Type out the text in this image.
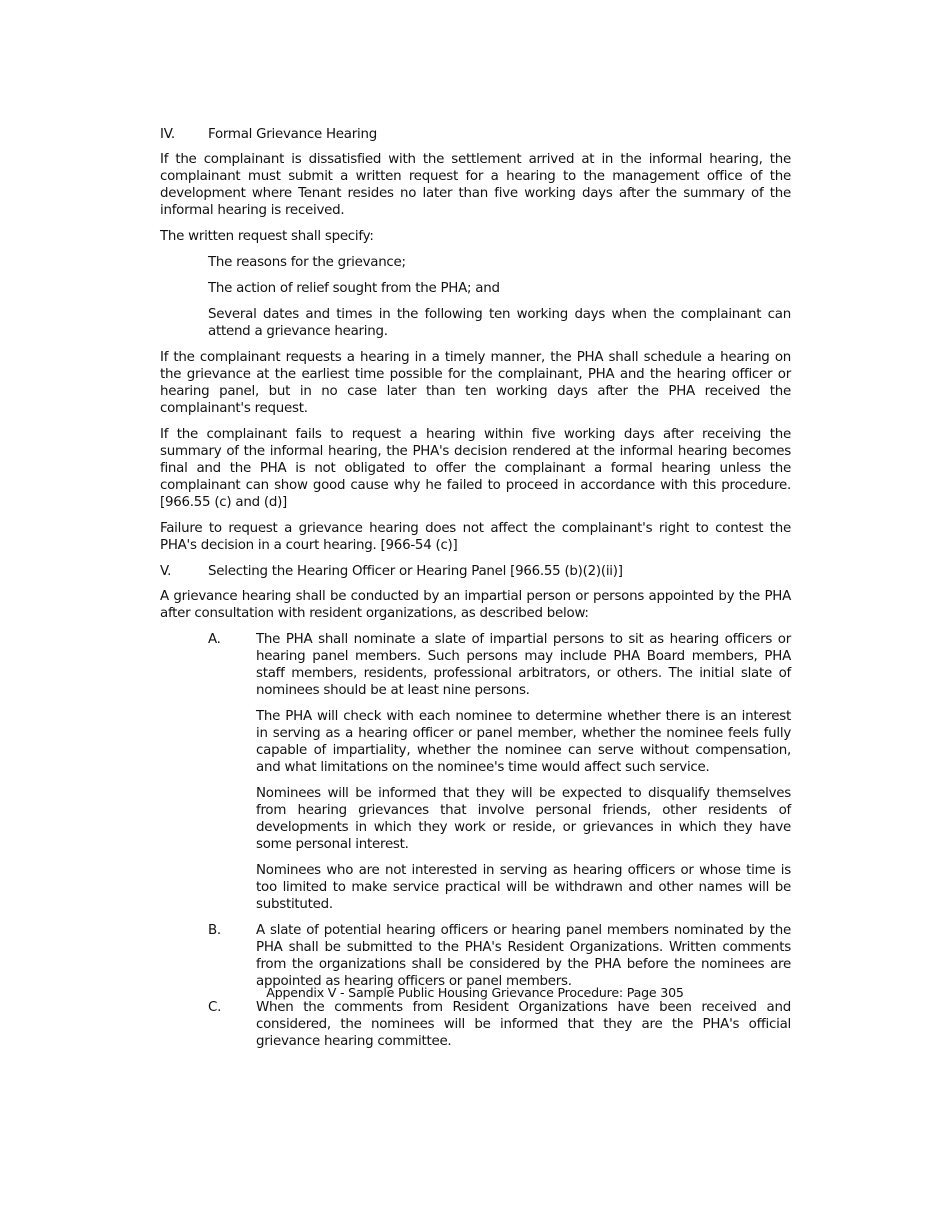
IV.	Formal Grievance Hearing

If the complainant is dissatisfied with the settlement arrived at in the informal hearing, the complainant must submit a written request for a hearing to the management office of the development where Tenant resides no later than five working days after the summary of the informal hearing is received.

The written request shall specify:

The reasons for the grievance;

The action of relief sought from the PHA; and

Several dates and times in the following ten working days when the complainant can attend a grievance hearing.

If the complainant requests a hearing in a timely manner, the PHA shall schedule a hearing on the grievance at the earliest time possible for the complainant, PHA and the hearing officer or hearing panel, but in no case later than ten working days after the PHA received the complainant's request.

If the complainant fails to request a hearing within five working days after receiving the summary of the informal hearing, the PHA's decision rendered at the informal hearing becomes final and the PHA is not obligated to offer the complainant a formal hearing unless the complainant can show good cause why he failed to proceed in accordance with this procedure. [966.55 (c) and (d)]

Failure to request a grievance hearing does not affect the complainant's right to contest the PHA's decision in a court hearing. [966-54 (c)]

V.	Selecting the Hearing Officer or Hearing Panel [966.55 (b)(2)(ii)]

A grievance hearing shall be conducted by an impartial person or persons appointed by the PHA after consultation with resident organizations, as described below:

A.	The PHA shall nominate a slate of impartial persons to sit as hearing officers or hearing panel members. Such persons may include PHA Board members, PHA staff members, residents, professional arbitrators, or others. The initial slate of nominees should be at least nine persons.

The PHA will check with each nominee to determine whether there is an interest in serving as a hearing officer or panel member, whether the nominee feels fully capable of impartiality, whether the nominee can serve without compensation, and what limitations on the nominee's time would affect such service.

Nominees will be informed that they will be expected to disqualify themselves from hearing grievances that involve personal friends, other residents of developments in which they work or reside, or grievances in which they have some personal interest.

Nominees who are not interested in serving as hearing officers or whose time is too limited to make service practical will be withdrawn and other names will be substituted.

B.	A slate of potential hearing officers or hearing panel members nominated by the PHA shall be submitted to the PHA's Resident Organizations. Written comments from the organizations shall be considered by the PHA before the nominees are appointed as hearing officers or panel members.

C.	When the comments from Resident Organizations have been received and considered, the nominees will be informed that they are the PHA's official grievance hearing committee.

Appendix V - Sample Public Housing Grievance Procedure: Page 305
